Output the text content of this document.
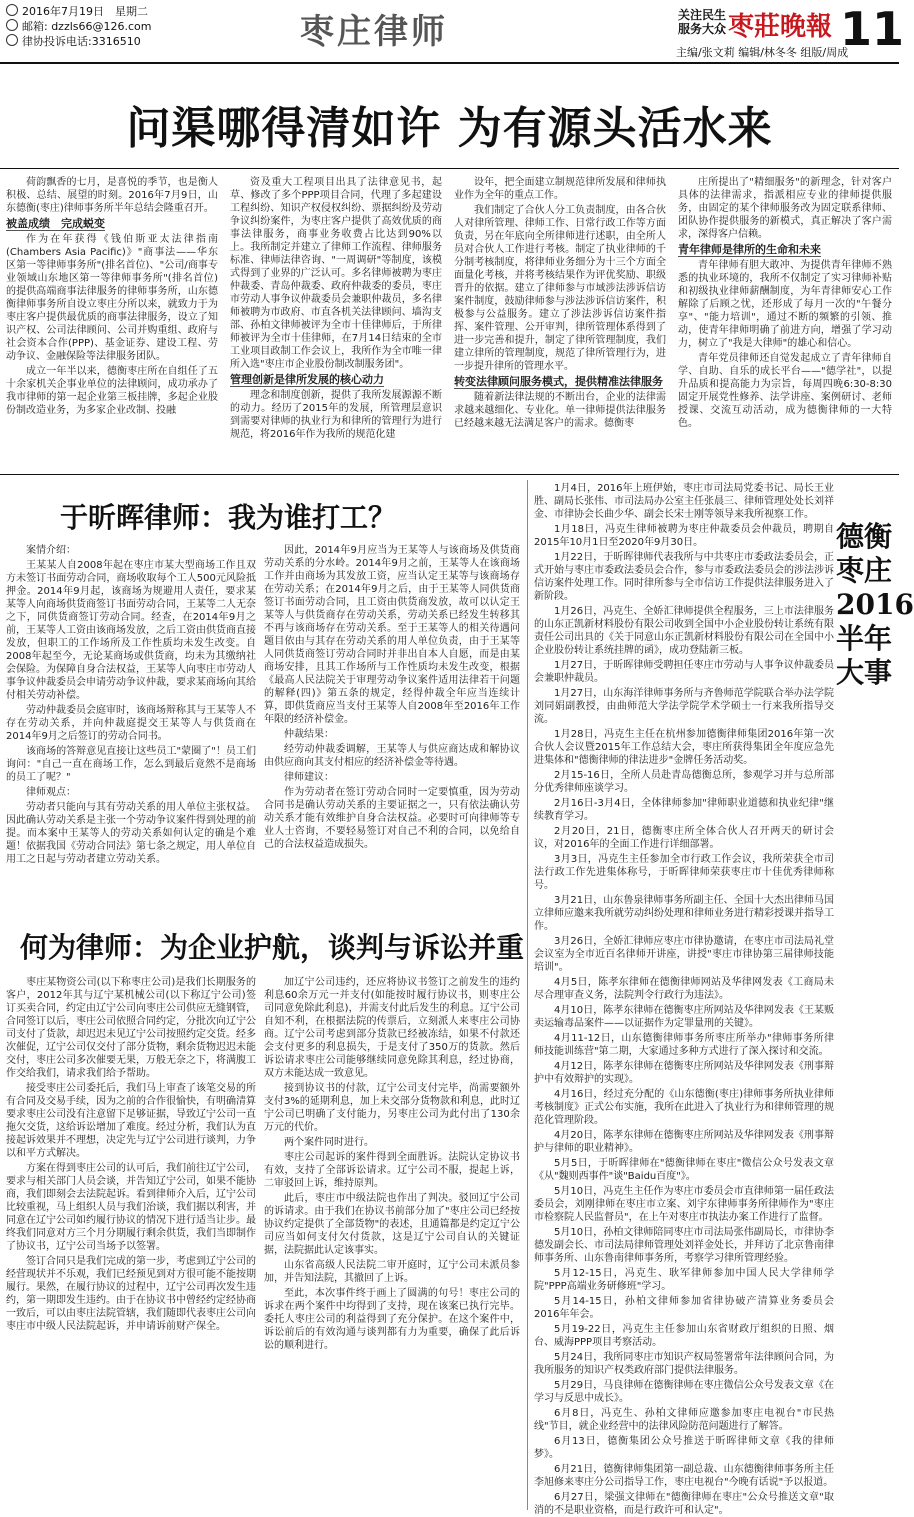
2016年7月19日　星期二
邮箱: dzzls66@126.com
律协投诉电话:3316510	枣庄律师	关注民生 服务大众 枣莊晚報 11
主编/张文莉 编辑/林冬冬 组版/周成
问渠哪得清如许 为有源头活水来

荷韵飘香的七月，是喜悦的季节，也是衡人积极、总结、展望的时刻。2016年7月9日，山东德衡(枣庄)律师事务所半年总结会隆重召开。

被盖成绩　完成蜕变

作为在年获得《钱伯斯亚太法律指南(Chambers Asia Pacific)》"商事法——华东区第一等律师事务所"(排名首位)、"公司/商事专业领域山东地区第一等律师事务所"(排名首位)的提供高端商事法律服务的律师事务所，山东德衡律师事务所自设立枣庄分所以来，就致力于为枣庄客户提供最优质的商事法律服务，设立了知识产权、公司法律顾问、公司并购重组、政府与社会资本合作(PPP)、基金证券、建设工程、劳动争议、金融保险等法律服务团队。

成立一年半以来，德衡枣庄所在自组任了五十余家机关企事业单位的法律顾问，成功承办了我市律师的第一起企业第三板挂牌，多起企业股份制改造业务，为多家企业改制、投融

资及重大工程项目出具了法律意见书，起草、修改了多个PPP项目合同，代理了多起建设工程纠纷、知识产权侵权纠纷、票据纠纷及劳动争议纠纷案件，为枣庄客户提供了高效优质的商事法律服务，商事业务收费占比达到90%以上。我所制定并建立了律师工作流程、律师服务标准、律师法律咨询、"一周调研"等制度，该模式得到了业界的广泛认可。多名律师被聘为枣庄仲裁委、青岛仲裁委、政府仲裁委的委员，枣庄市劳动人事争议仲裁委员会兼职仲裁员，多名律师被聘为市政府、市直各机关法律顾问、墙沟支部、孙柏文律师被评为全市十佳律师后，于所律师被评为全市十佳律师，在7月14日结束的全市工业项目政制工作会议上，我所作为全市唯一律所入选"枣庄市企业股份制改制服务团"。

管理创新是律所发展的核心动力

理念和制度创新，提供了我所发展源源不断的动力。经历了2015年的发展，所管理层意识到需要对律师的执业行为和律所的管理行为进行规范，将2016年作为我所的规范化建

设年，把全面建立制规范律所发展和律师执业作为全年的重点工作。

我们制定了合伙人分工负责制度，由各合伙人对律所管理、律师工作、日常行政工作等方面负责，另在年底向全所律师进行述职，由全所人员对合伙人工作进行考核。制定了执业律师的千分制考核制度，将律师业务细分为十三个方面全面量化考核，并将考核结果作为评优奖励、职级晋升的依据。建立了律师参与市域涉法涉诉信访案件制度，鼓励律师参与涉法涉诉信访案件，积极参与公益服务。建立了涉法涉诉信访案件指挥、案件管理、公开审判，律所管理体系得到了进一步完善和提升，制定了律所管理制度，我们建立律所的管理制度，规范了律所管理行为，进一步提升律所的管理水平。

转变法律顾问服务模式，提供精准法律服务

随着新法律法规的不断出台，企业的法律需求越来越细化、专业化。单一律师提供法律服务已经越来越无法满足客户的需求。德衡枣

庄所提出了"精细服务"的新理念，针对客户具体的法律需求，指派相应专业的律师提供服务，由固定的某个律师服务改为固定联系律师、团队协作提供服务的新模式，真正解决了客户需求，深得客户信赖。

青年律师是律所的生命和未来

青年律师有胆大敢冲、为提供青年律师不熟悉的执业环境的，我所不仅制定了实习律师补贴和初级执业律师薪酬制度，为年青律师安心工作解除了后顾之忧，还形成了每月一次的"午餐分享"、"能力培训"，通过不断的频繁的引领、推动，使青年律师明确了前进方向，增强了学习动力，树立了"我是大律师"的雄心和信心。

青年党员律师还自觉发起成立了青年律师自学、自助、自乐的成长平台——"德学社"，以提升品质和提高能力为宗旨，每周四晚6:30-8:30固定开展党性修养、法学讲座、案例研讨、老师授课、交流互动活动，成为德衡律师的一大特色。

于昕晖律师：我为谁打工？

案情介绍：

王某某人自2008年起在枣庄市某大型商场工作且双方未签订书面劳动合同，商场收取每个工人500元风险抵押金。2014年9月起，该商场为规避用人责任，要求某某等人向商场供货商签订书面劳动合同，王某等二人无奈之下，同供货商签订劳动合同。经查，在2014年9月之前，王某等人工资由该商场发放，之后工资由供货商直接发放，但职工的工作场所及工作性质均未发生改变。自2008年起至今，无论某商场或供货商，均未为其缴纳社会保险。为保障自身合法权益，王某等人向枣庄市劳动人事争议仲裁委员会申请劳动争议仲裁，要求某商场向其给付相关劳动补偿。

劳动仲裁委员会庭审时，该商场辩称其与王某等人不存在劳动关系，并向仲裁庭提交王某等人与供货商在2014年9月之后签订的劳动合同书。

该商场的答辩意见直接让这些员工"蒙圈了"！员工们询问："自己一直在商场工作，怎么到最后竟然不是商场的员工了呢？"

律师观点：

劳动者只能向与其有劳动关系的用人单位主张权益。因此确认劳动关系是主张一个劳动争议案件得到处理的前提。而本案中王某等人的劳动关系如何认定的确是个难题！依据我国《劳动合同法》第七条之规定，用人单位自用工之日起与劳动者建立劳动关系。

因此，2014年9月应当为王某等人与该商场及供货商劳动关系的分水岭。2014年9月之前，王某等人在该商场工作并由商场为其发放工资，应当认定王某等与该商场存在劳动关系；在2014年9月之后，由于王某等人同供货商签订书面劳动合同，且工资由供货商发放，故可以认定王某等人与供货商存在劳动关系，劳动关系已经发生转移其不再与该商场存在劳动关系。至于王某等人的相关待遇问题目依由与其存在劳动关系的用人单位负责，由于王某等人同供货商签订劳动合同时并非出自本人自愿，而是由某商场安排，且其工作场所与工作性质均未发生改变，根据《最高人民法院关于审理劳动争议案件适用法律若干问题的解释(四)》第五条的规定，经得仲裁全年应当连续计算，即供货商应当支付王某等人自2008年至2016年工作年限的经济补偿金。

仲裁结果：

经劳动仲裁委调解，王某等人与供应商达成和解协议由供应商向其支付相应的经济补偿金等待遇。

律师建议：

作为劳动者在签订劳动合同时一定要慎重，因为劳动合同书是确认劳动关系的主要证据之一，只有依法确认劳动关系才能有效维护自身合法权益。必要时可向律师等专业人士咨询，不要轻易签订对自己不利的合同，以免给自己的合法权益造成损失。

何为律师：为企业护航，谈判与诉讼并重

枣庄某物资公司(以下称枣庄公司)是我们长期服务的客户，2012年其与辽宁某机械公司(以下称辽宁公司)签订买卖合同，约定由辽宁公司向枣庄公司供应无缝钢管，合同签订以后，枣庄公司依照合同约定，分批次向辽宁公司支付了货款，却迟迟未见辽宁公司按照约定交货。经多次催促，辽宁公司仅交付了部分货物，剩余货物迟迟未能交付，枣庄公司多次催要无果，万般无奈之下，将满腹工作交给我们，请求我们给予帮助。

接受枣庄公司委托后，我们马上审查了该笔交易的所有合同及交易手续，因为之前的合作很愉快，有明确清算要求枣庄公司没有注意留下足够证据，导致辽宁公司一直拖欠交货，这给诉讼增加了难度。经过分析，我们认为直接起诉效果并不理想，决定先与辽宁公司进行谈判，力争以和平方式解决。

方案在得到枣庄公司的认可后，我们前往辽宁公司，要求与相关部门人员会谈，并告知辽宁公司，如果不能协商，我们即刻会去法院起诉。看到律师介入后，辽宁公司比较重视，马上组织人员与我们治谈，我们据以利害，并同意在辽宁公司如约履行协议的情况下进行适当让步。最终我们同意对方三个月分期履行剩余供货，我们当即制作了协议书，辽宁公司当场予以签署。

签订合同只是我们完成的第一步，考虑到辽宁公司的经营现状并不乐观，我们已经预见到对方很可能不能按期履行。果然，在履行协议的过程中，辽宁公司再次发生违约，第一期即发生违约。由于在协议书中曾经约定经协商一致后，可以由枣庄法院管辖，我们随即代表枣庄公司向枣庄市中级人民法院起诉，并申请诉前财产保全。

加辽宁公司违约，还应将协议书签订之前发生的违约利息60余万元一并支付(如能按时履行协议书，则枣庄公司同意免除此利息)，并需支付此后发生的利息。辽宁公司自知不利，在根据法院的传票后，立刻派人来枣庄公司协商。辽宁公司考虑到部分货款已经被冻结，如果不付款还会支付更多的利息损失，于是支付了350万的货款。然后诉讼请求枣庄公司能够继续同意免除其利息，经过协商，双方未能达成一致意见。

接到协议书的付款，辽宁公司支付完毕，尚需要额外支付3%的延期利息，加上未交部分货物款和利息，此时辽宁公司已明确了支付能力，另枣庄公司为此付出了130余万元的代价。

两个案件同时进行。

枣庄公司起诉的案件得到全面胜诉。法院认定协议书有效，支持了全部诉讼请求。辽宁公司不服，提起上诉，二审驳回上诉，维持原判。

此后，枣庄市中级法院也作出了判决。驳回辽宁公司的诉请求。由于我们在协议书前部分加了"枣庄公司已经按协议约定提供了全部货物"的表述，且通篇都是约定辽宁公司应当如何支付欠付货款，这是辽宁公司自认的关键证据，法院据此认定该事实。

山东省高级人民法院二审开庭时，辽宁公司未派员参加，并告知法院，其撤回了上诉。

至此，本次事件终于画上了圆满的句号！枣庄公司的诉求在两个案件中均得到了支持，现在该案已执行完毕。委托人枣庄公司的利益得到了充分保护。在这个案件中，诉讼前后的有效沟通与谈判都有力为重要，确保了此后诉讼的顺利进行。

1月4日，2016年上班伊始，枣庄市司法局党委书记、局长王业胜、副局长张伟、市司法局办公室主任张晨三、律师管理处处长刘祥金、市律协会长曲少华、副会长宋士刚等领导来我所视察工作。

1月18日，冯克生律师被聘为枣庄仲裁委员会仲裁员，聘期自2015年10月1日至2020年9月30日。

1月22日，于昕晖律师代表我所与中共枣庄市委政法委员会，正式开始与枣庄市委政法委员会合作，参与市委政法委员会的涉法涉诉信访案件处理工作。同时律所参与全市信访工作提供法律服务进入了新阶段。

1月26日，冯克生、全娇汇律师提供全程服务，三上市法律服务的山东正凯新材料股份有限公司收到全国中小企业股份转让系统有限责任公司出具的《关于同意山东正凯新材料股份有限公司在全国中小企业股份转让系统挂牌的函》，成功登陆新三板。

1月27日，于昕晖律师受聘担任枣庄市劳动与人事争议仲裁委员会兼职仲裁员。

1月27日，山东海洋律师事务所与齐鲁师范学院联合举办法学院刘同娟副教授，由曲师范大学法学院学术学硕士一行来我所指导交流。

1月28日，冯克生主任在杭州参加德衡律师集团2016年第一次合伙人会议暨2015年工作总结大会，枣庄所获得集团全年度应急先进集体和"德衡律师的律法进步"金牌任务活动奖。

2月15-16日，全所人员赴青岛德衡总所，参观学习并与总所部分优秀律师座谈学习。

2月16日-3月4日，全体律师参加"律师职业道德和执业纪律"继续教育学习。

2月20日，21日，德衡枣庄所全体合伙人召开两天的研讨会议，对2016年的全面工作进行详细部署。

3月3日，冯克生主任参加全市行政工作会议，我所荣获全市司法行政工作先进集体称号，于昕晖律师荣获枣庄市十佳优秀律师称号。

3月21日，山东鲁泉律师事务所副主任、全国十大杰出律师马国立律师应邀来我所就劳动纠纷处理和律师业务进行精彩授课并指导工作。

3月26日，全娇汇律师应枣庄市律协邀请，在枣庄市司法局礼堂会议室为全市近百名律师开讲座，讲授"枣庄市律协第三届律师技能培训"。

4月5日，陈孝东律师在德衡律师网站及华律网发表《工商局未尽合理审查义务，法院判令行政行为违法》。

4月10日，陈孝东律师在德衡枣庄所网站及华律网发表《王某贩卖运输毒品案件——以证据作为定罪量刑的关键》。

4月11-12日，山东德衡律师事务所枣庄所举办"律师事务所律师技能训练营"第二期，大家通过多种方式进行了深入探讨和交流。

4月12日，陈孝东律师在德衡枣庄所网站及华律网发表《刑事辩护中有效辩护的实现》。

4月16日，经过充分配的《山东德衡(枣庄)律师事务所执业律师考核制度》正式公布实施，我所在此进入了执业行为和律师管理的规范化管理阶段。

4月20日，陈孝东律师在德衡枣庄所网站及华律网发表《刑事辩护与律师的职业精神》。

5月5日，于昕晖律师在"德衡律师在枣庄"微信公众号发表文章《从"魏则西事件"谈"Baidu百度"》。

5月10日，冯克生主任作为枣庄市委员会市直律师第一届任政法委员会，刘刚律师在枣庄市立案、刘宇东律师事务所律师作为"枣庄市检察院人民监督员"，在上午对枣庄市执法办案工作进行了监督。

5月10日，孙柏文律师陪同枣庄市司法局张伟副局长，市律协李德发副会长、市司法局律师管理处刘祥金处长，并拜访了北京鲁南律师事务所、山东鲁南律师事务所，考察学习律所管理经验。

5月12-15日，冯克生、耿军律师参加中国人民大学律师学院"PPP高端业务研修班"学习。

5月14-15日，孙柏文律师参加省律协破产清算业务委员会2016年年会。

5月19-22日，冯克生主任参加山东省财政厅组织的日照、烟台、威海PPP项目考察活动。

5月24日，我所同枣庄市知识产权局签署常年法律顾问合同，为我所服务的知识产权类政府部门提供法律服务。

5月29日，马良律师在德衡律师在枣庄微信公众号发表文章《在学习与反思中成长》。

6月8日，冯克生、孙柏文律师应邀参加枣庄电视台"市民热线"节目，就企业经营中的法律风险防范问题进行了解答。

6月13日，德衡集团公众号推送于昕晖律师文章《我的律师梦》。

6月21日，德衡律师集团第一副总裁、山东德衡律师事务所主任李旭修来枣庄分公司指导工作，枣庄电视台"今晚有话说"予以报道。

6月27日，梁强文律师在"德衡律师在枣庄"公众号推送文章"取消的不是职业资格，而是行政许可和认定"。

德衡枣庄2016半年大事
